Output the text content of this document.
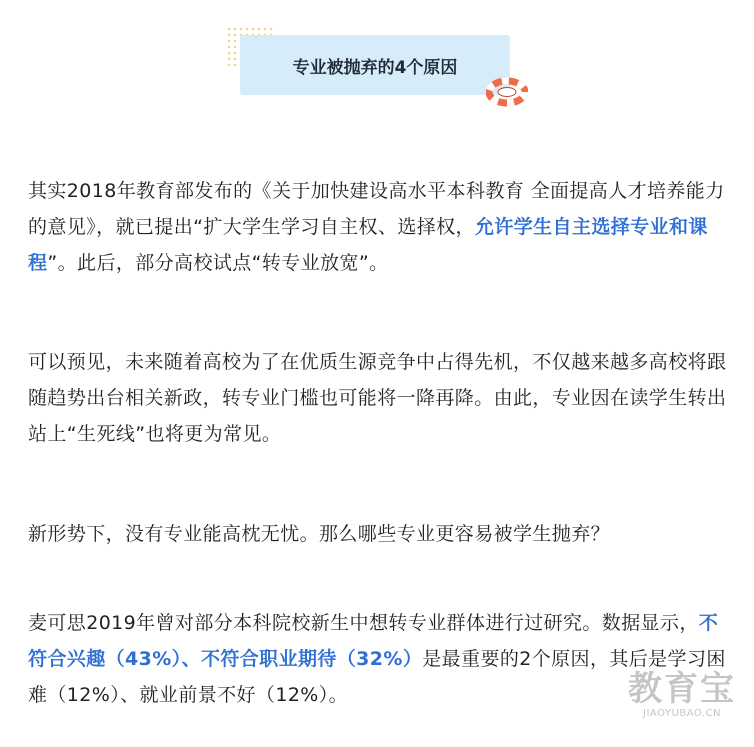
专业被抛弃的4个原因

其实2018年教育部发布的《关于加快建设高水平本科教育 全面提高人才培养能力的意见》，就已提出“扩大学生学习自主权、选择权，允许学生自主选择专业和课程”。此后，部分高校试点“转专业放宽”。

可以预见，未来随着高校为了在优质生源竞争中占得先机，不仅越来越多高校将跟随趋势出台相关新政，转专业门槛也可能将一降再降。由此，专业因在读学生转出站上“生死线”也将更为常见。

新形势下，没有专业能高枕无忧。那么哪些专业更容易被学生抛弃？

麦可思2019年曾对部分本科院校新生中想转专业群体进行过研究。数据显示，不符合兴趣（43%）、不符合职业期待（32%）是最重要的2个原因，其后是学习困难（12%）、就业前景不好（12%）。	教育宝
JIAOYUBAO.CN
